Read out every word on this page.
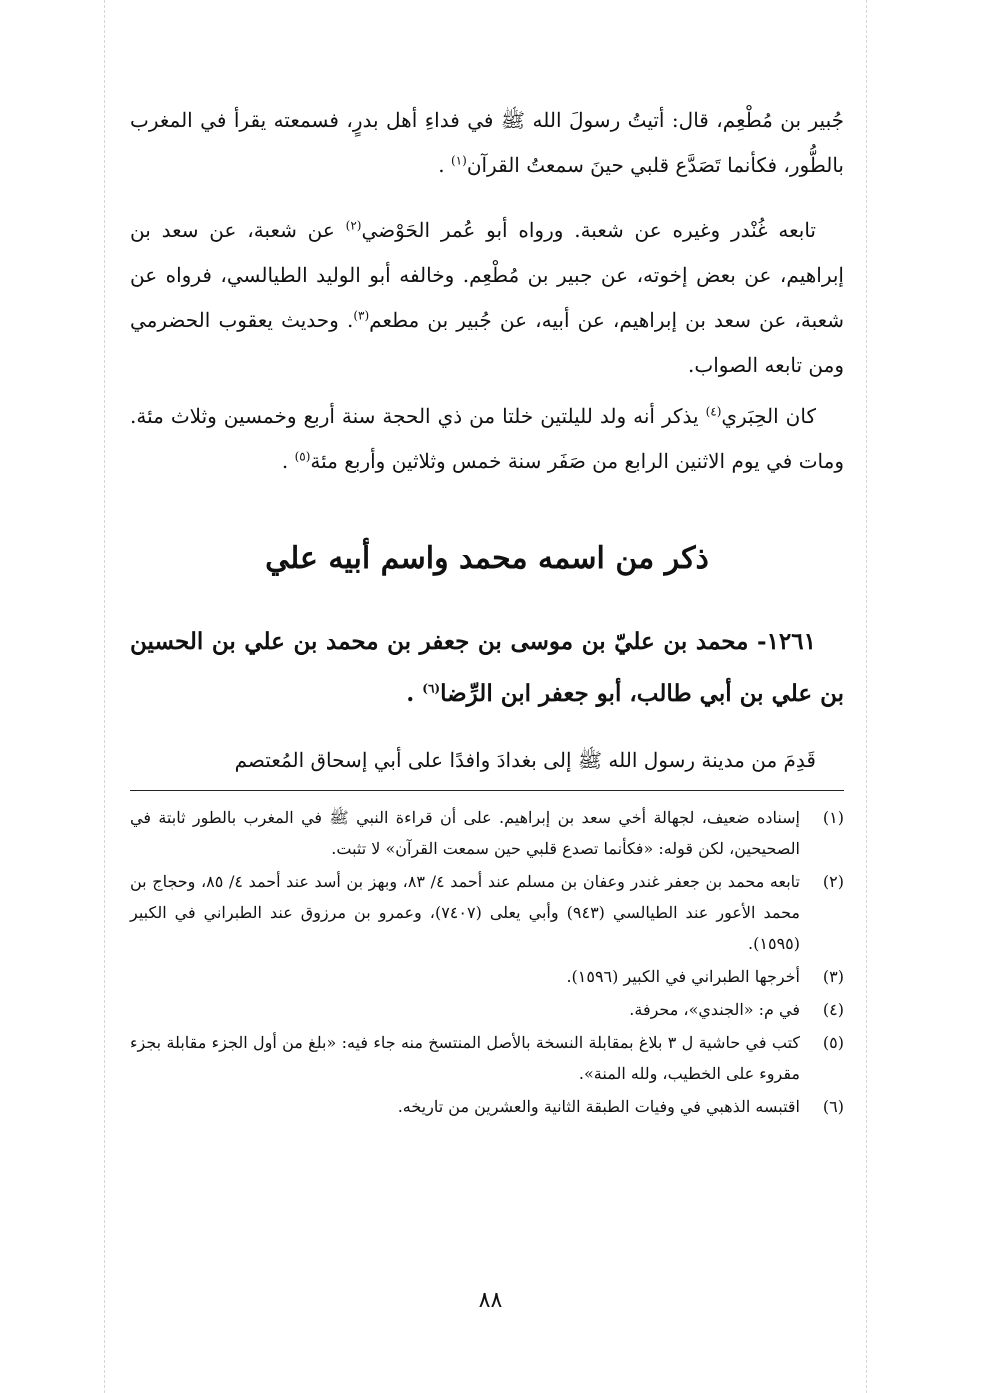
جُبير بن مُطْعِم، قال: أتيتُ رسولَ الله ﷺ في فداءِ أهل بدرٍ، فسمعته يقرأ في المغرب بالطُّور، فكأنما تَصَدَّع قلبي حينَ سمعتُ القرآن$^{(١)}$ .

تابعه غُنْدر وغيره عن شعبة. ورواه أبو عُمر الحَوْضي$^{(٢)}$ عن شعبة، عن سعد بن إبراهيم، عن بعض إخوته، عن جبير بن مُطْعِم. وخالفه أبو الوليد الطيالسي، فرواه عن شعبة، عن سعد بن إبراهيم، عن أبيه، عن جُبير بن مطعم$^{(٣)}$. وحديث يعقوب الحضرمي ومن تابعه الصواب.

كان الحِبَري$^{(٤)}$ يذكر أنه ولد لليلتين خلتا من ذي الحجة سنة أربع وخمسين وثلاث مئة. ومات في يوم الاثنين الرابع من صَفَر سنة خمس وثلاثين وأربع مئة$^{(٥)}$ .

ذكر من اسمه محمد واسم أبيه علي

١٢٦١- محمد بن عليّ بن موسى بن جعفر بن محمد بن علي بن الحسين بن علي بن أبي طالب، أبو جعفر ابن الرِّضا$^{(٦)}$ .

قَدِمَ من مدينة رسول الله ﷺ إلى بغدادَ وافدًا على أبي إسحاق المُعتصم
(١)
إسناده ضعيف، لجهالة أخي سعد بن إبراهيم. على أن قراءة النبي ﷺ في المغرب بالطور ثابتة في الصحيحين، لكن قوله: «فكأنما تصدع قلبي حين سمعت القرآن» لا تثبت.
(٢)
تابعه محمد بن جعفر غندر وعفان بن مسلم عند أحمد ٤/ ٨٣، وبهز بن أسد عند أحمد ٤/ ٨٥، وحجاج بن محمد الأعور عند الطيالسي (٩٤٣) وأبي يعلى (٧٤٠٧)، وعمرو بن مرزوق عند الطبراني في الكبير (١٥٩٥).
(٣)
أخرجها الطبراني في الكبير (١٥٩٦).
(٤)
في م: «الجندي»، محرفة.
(٥)
كتب في حاشية ل ٣ بلاغ بمقابلة النسخة بالأصل المنتسخ منه جاء فيه: «بلغ من أول الجزء مقابلة بجزء مقروء على الخطيب، ولله المنة».
(٦)
اقتبسه الذهبي في وفيات الطبقة الثانية والعشرين من تاريخه.
٨٨
